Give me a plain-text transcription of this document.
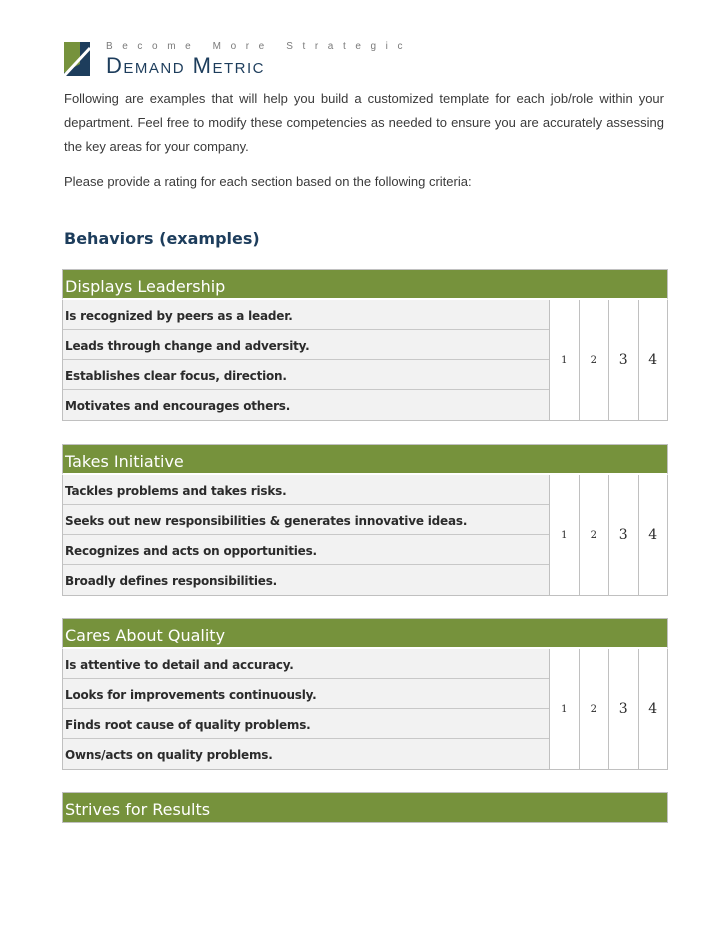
Become More Strategic
Demand Metric
Following are examples that will help you build a customized template for each job/role within your department. Feel free to modify these competencies as needed to ensure you are accurately assessing the key areas for your company.
Please provide a rating for each section based on the following criteria:
Behaviors (examples)
Displays Leadership
Is recognized by peers as a leader.
Leads through change and adversity.
Establishes clear focus, direction.
Motivates and encourages others.
1	2	3	4
Takes Initiative
Tackles problems and takes risks.
Seeks out new responsibilities & generates innovative ideas.
Recognizes and acts on opportunities.
Broadly defines responsibilities.
1	2	3	4
Cares About Quality
Is attentive to detail and accuracy.
Looks for improvements continuously.
Finds root cause of quality problems.
Owns/acts on quality problems.
1	2	3	4
Strives for Results
